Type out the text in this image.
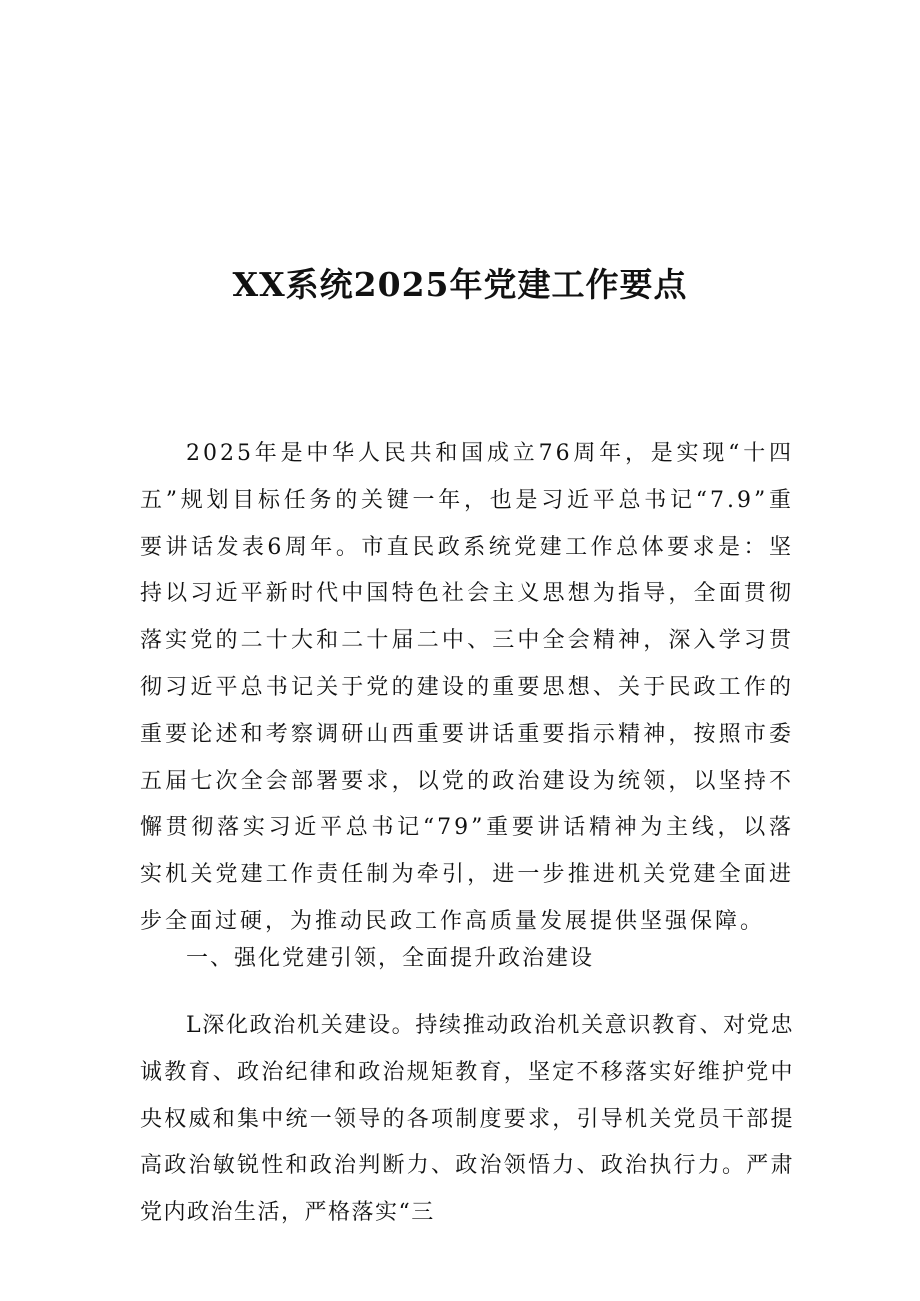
XX系统2025年党建工作要点

2025年是中华人民共和国成立76周年，是实现“十四五”规划目标任务的关键一年，也是习近平总书记“7.9”重要讲话发表6周年。市直民政系统党建工作总体要求是：坚持以习近平新时代中国特色社会主义思想为指导，全面贯彻落实党的二十大和二十届二中、三中全会精神，深入学习贯彻习近平总书记关于党的建设的重要思想、关于民政工作的重要论述和考察调研山西重要讲话重要指示精神，按照市委五届七次全会部署要求，以党的政治建设为统领，以坚持不懈贯彻落实习近平总书记“79”重要讲话精神为主线，以落实机关党建工作责任制为牵引，进一步推进机关党建全面进步全面过硬，为推动民政工作高质量发展提供坚强保障。

一、强化党建引领，全面提升政治建设

L深化政治机关建设。持续推动政治机关意识教育、对党忠诚教育、政治纪律和政治规矩教育，坚定不移落实好维护党中央权威和集中统一领导的各项制度要求，引导机关党员干部提高政治敏锐性和政治判断力、政治领悟力、政治执行力。严肃党内政治生活，严格落实“三
